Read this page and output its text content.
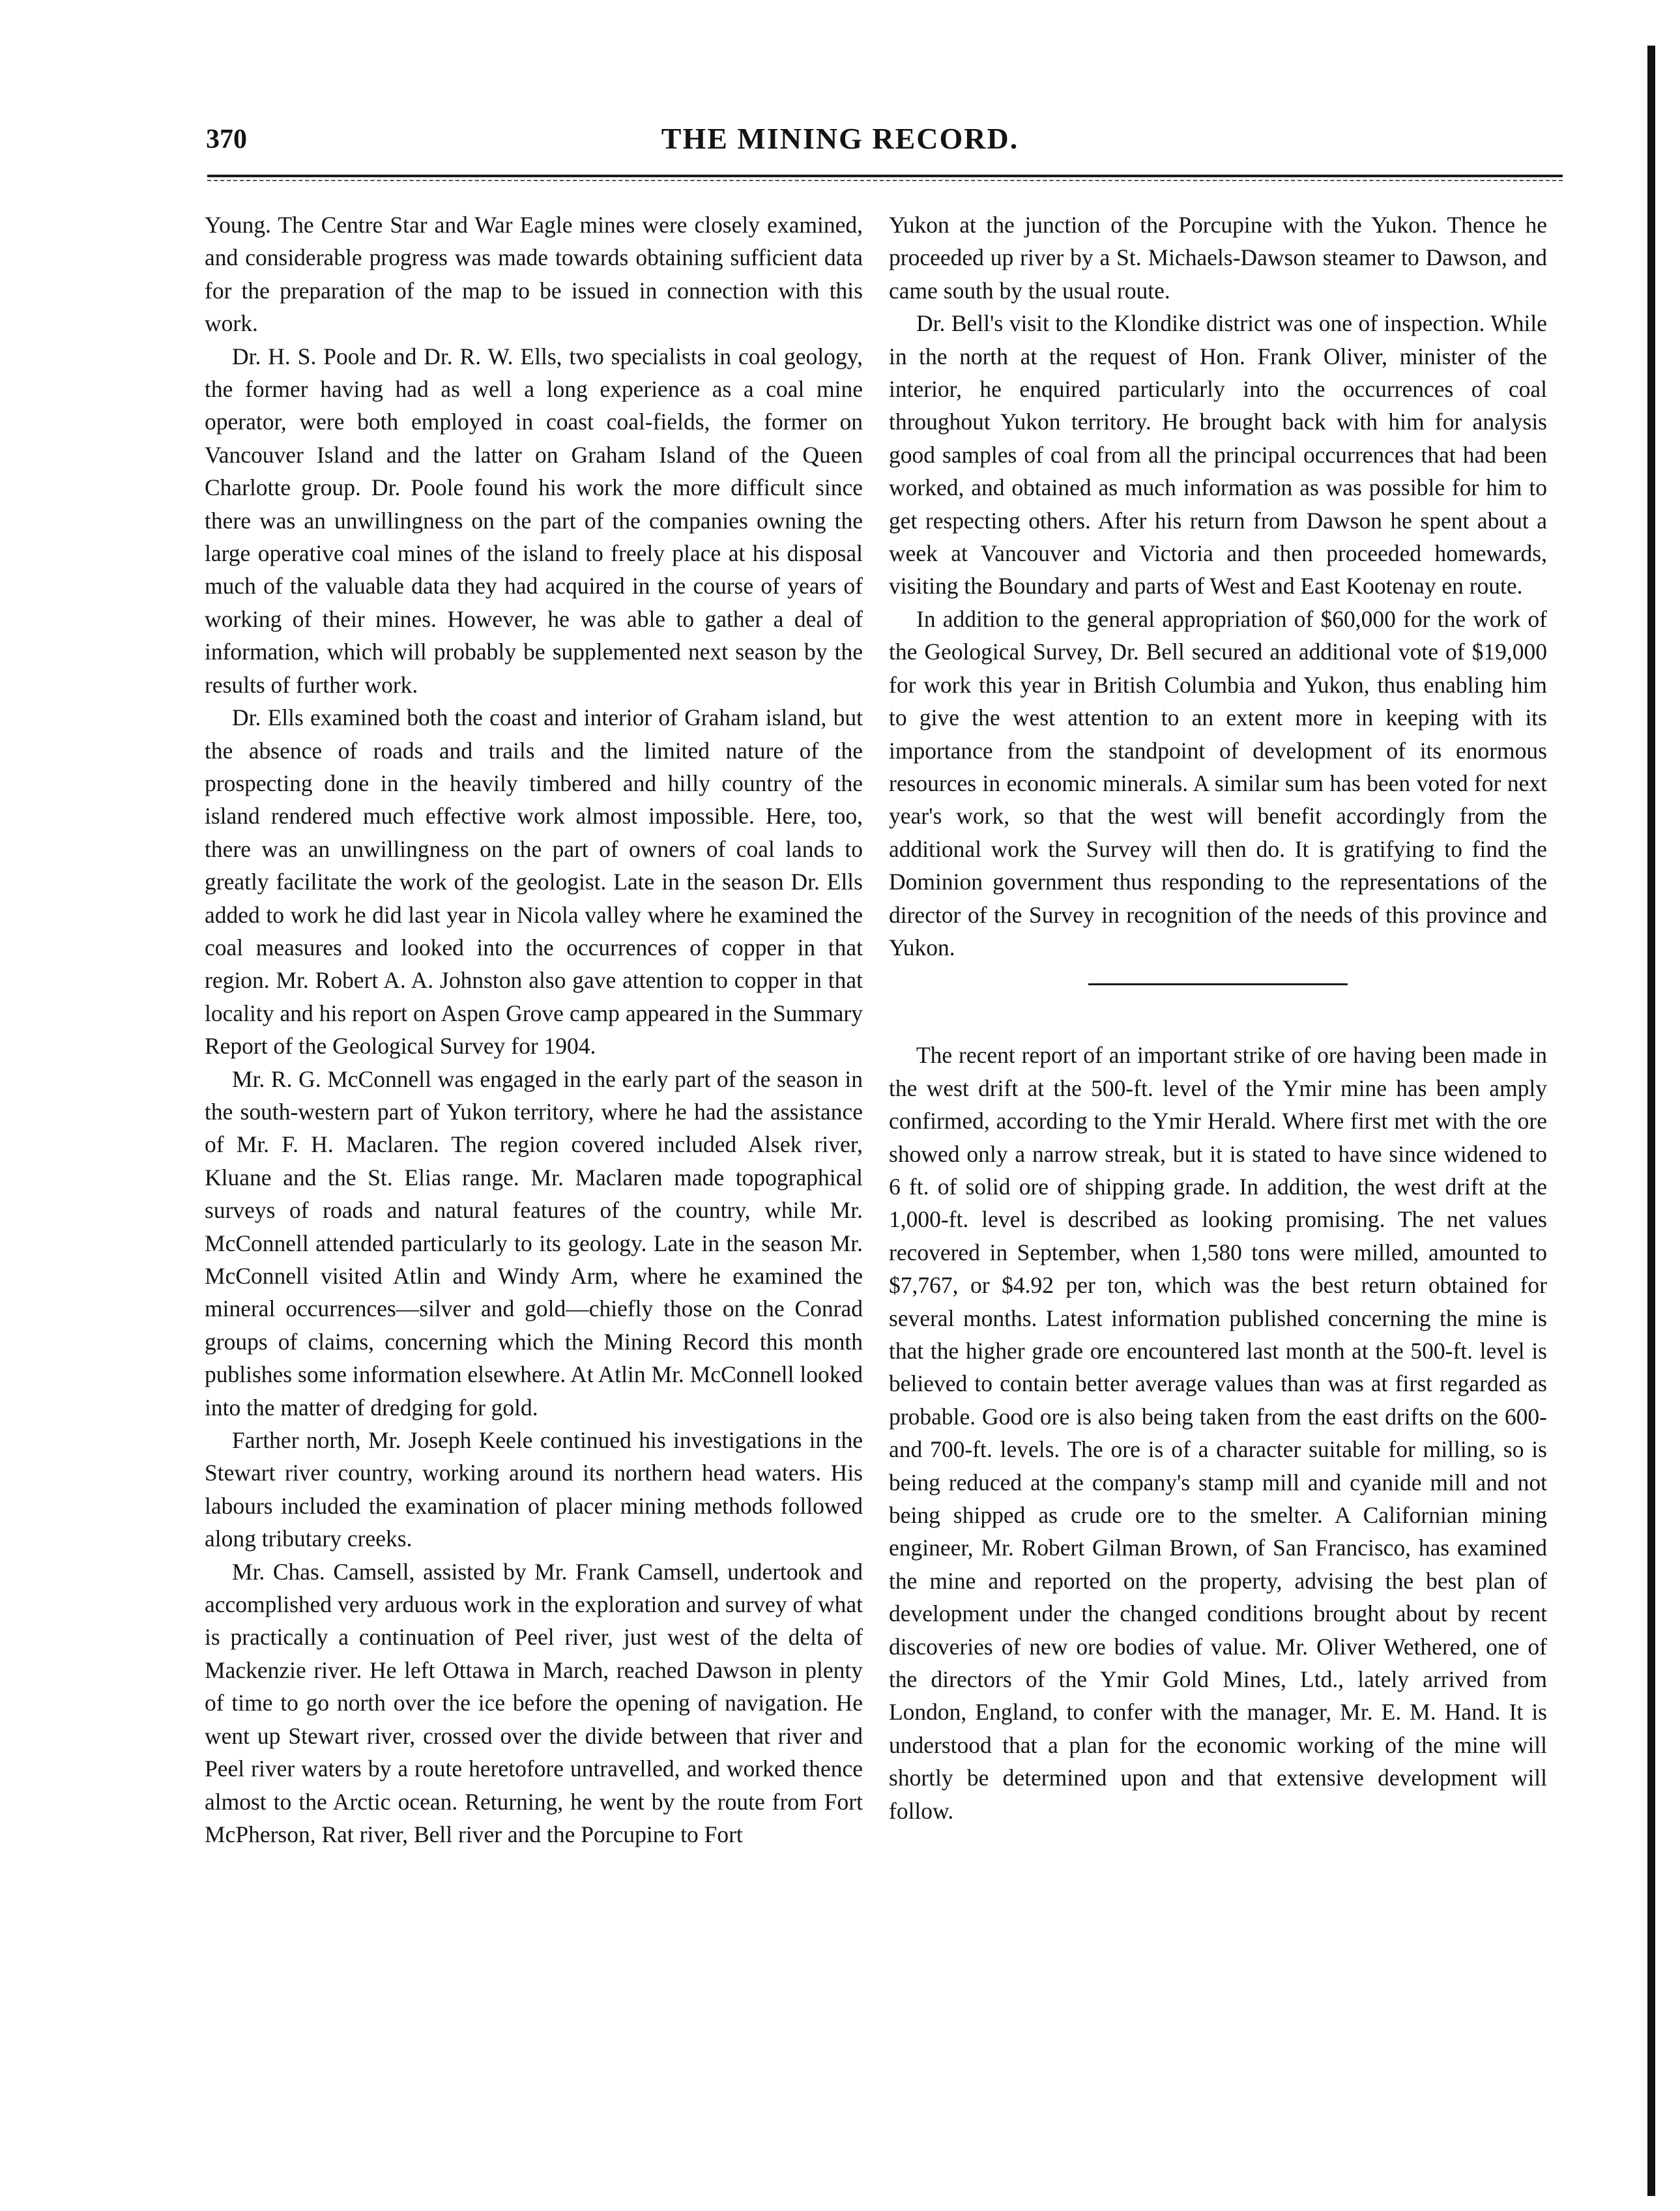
370	THE MINING RECORD.

Young. The Centre Star and War Eagle mines were closely examined, and considerable progress was made towards obtaining sufficient data for the preparation of the map to be issued in connection with this work.

Dr. H. S. Poole and Dr. R. W. Ells, two specialists in coal geology, the former having had as well a long experience as a coal mine operator, were both employed in coast coal-fields, the former on Vancouver Island and the latter on Graham Island of the Queen Charlotte group. Dr. Poole found his work the more difficult since there was an unwillingness on the part of the companies owning the large operative coal mines of the island to freely place at his disposal much of the valuable data they had acquired in the course of years of working of their mines. However, he was able to gather a deal of information, which will probably be supplemented next season by the results of further work.

Dr. Ells examined both the coast and interior of Graham island, but the absence of roads and trails and the limited nature of the prospecting done in the heavily timbered and hilly country of the island rendered much effective work almost impossible. Here, too, there was an unwillingness on the part of owners of coal lands to greatly facilitate the work of the geologist. Late in the season Dr. Ells added to work he did last year in Nicola valley where he examined the coal measures and looked into the occurrences of copper in that region. Mr. Robert A. A. Johnston also gave attention to copper in that locality and his report on Aspen Grove camp appeared in the Summary Report of the Geological Survey for 1904.

Mr. R. G. McConnell was engaged in the early part of the season in the south-western part of Yukon territory, where he had the assistance of Mr. F. H. Maclaren. The region covered included Alsek river, Kluane and the St. Elias range. Mr. Maclaren made topographical surveys of roads and natural features of the country, while Mr. McConnell attended particularly to its geology. Late in the season Mr. McConnell visited Atlin and Windy Arm, where he examined the mineral occurrences—silver and gold—chiefly those on the Conrad groups of claims, concerning which the Mining Record this month publishes some information elsewhere. At Atlin Mr. McConnell looked into the matter of dredging for gold.

Farther north, Mr. Joseph Keele continued his investigations in the Stewart river country, working around its northern head waters. His labours included the examination of placer mining methods followed along tributary creeks.

Mr. Chas. Camsell, assisted by Mr. Frank Camsell, undertook and accomplished very arduous work in the exploration and survey of what is practically a continuation of Peel river, just west of the delta of Mackenzie river. He left Ottawa in March, reached Dawson in plenty of time to go north over the ice before the opening of navigation. He went up Stewart river, crossed over the divide between that river and Peel river waters by a route heretofore untravelled, and worked thence almost to the Arctic ocean. Returning, he went by the route from Fort McPherson, Rat river, Bell river and the Porcupine to Fort

Yukon at the junction of the Porcupine with the Yukon. Thence he proceeded up river by a St. Michaels-Dawson steamer to Dawson, and came south by the usual route.

Dr. Bell's visit to the Klondike district was one of inspection. While in the north at the request of Hon. Frank Oliver, minister of the interior, he enquired particularly into the occurrences of coal throughout Yukon territory. He brought back with him for analysis good samples of coal from all the principal occurrences that had been worked, and obtained as much information as was possible for him to get respecting others. After his return from Dawson he spent about a week at Vancouver and Victoria and then proceeded homewards, visiting the Boundary and parts of West and East Kootenay en route.

In addition to the general appropriation of $60,000 for the work of the Geological Survey, Dr. Bell secured an additional vote of $19,000 for work this year in British Columbia and Yukon, thus enabling him to give the west attention to an extent more in keeping with its importance from the standpoint of development of its enormous resources in economic minerals. A similar sum has been voted for next year's work, so that the west will benefit accordingly from the additional work the Survey will then do. It is gratifying to find the Dominion government thus responding to the representations of the director of the Survey in recognition of the needs of this province and Yukon.

The recent report of an important strike of ore having been made in the west drift at the 500-ft. level of the Ymir mine has been amply confirmed, according to the Ymir Herald. Where first met with the ore showed only a narrow streak, but it is stated to have since widened to 6 ft. of solid ore of shipping grade. In addition, the west drift at the 1,000-ft. level is described as looking promising. The net values recovered in September, when 1,580 tons were milled, amounted to $7,767, or $4.92 per ton, which was the best return obtained for several months. Latest information published concerning the mine is that the higher grade ore encountered last month at the 500-ft. level is believed to contain better average values than was at first regarded as probable. Good ore is also being taken from the east drifts on the 600- and 700-ft. levels. The ore is of a character suitable for milling, so is being reduced at the company's stamp mill and cyanide mill and not being shipped as crude ore to the smelter. A Californian mining engineer, Mr. Robert Gilman Brown, of San Francisco, has examined the mine and reported on the property, advising the best plan of development under the changed conditions brought about by recent discoveries of new ore bodies of value. Mr. Oliver Wethered, one of the directors of the Ymir Gold Mines, Ltd., lately arrived from London, England, to confer with the manager, Mr. E. M. Hand. It is understood that a plan for the economic working of the mine will shortly be determined upon and that extensive development will follow.
